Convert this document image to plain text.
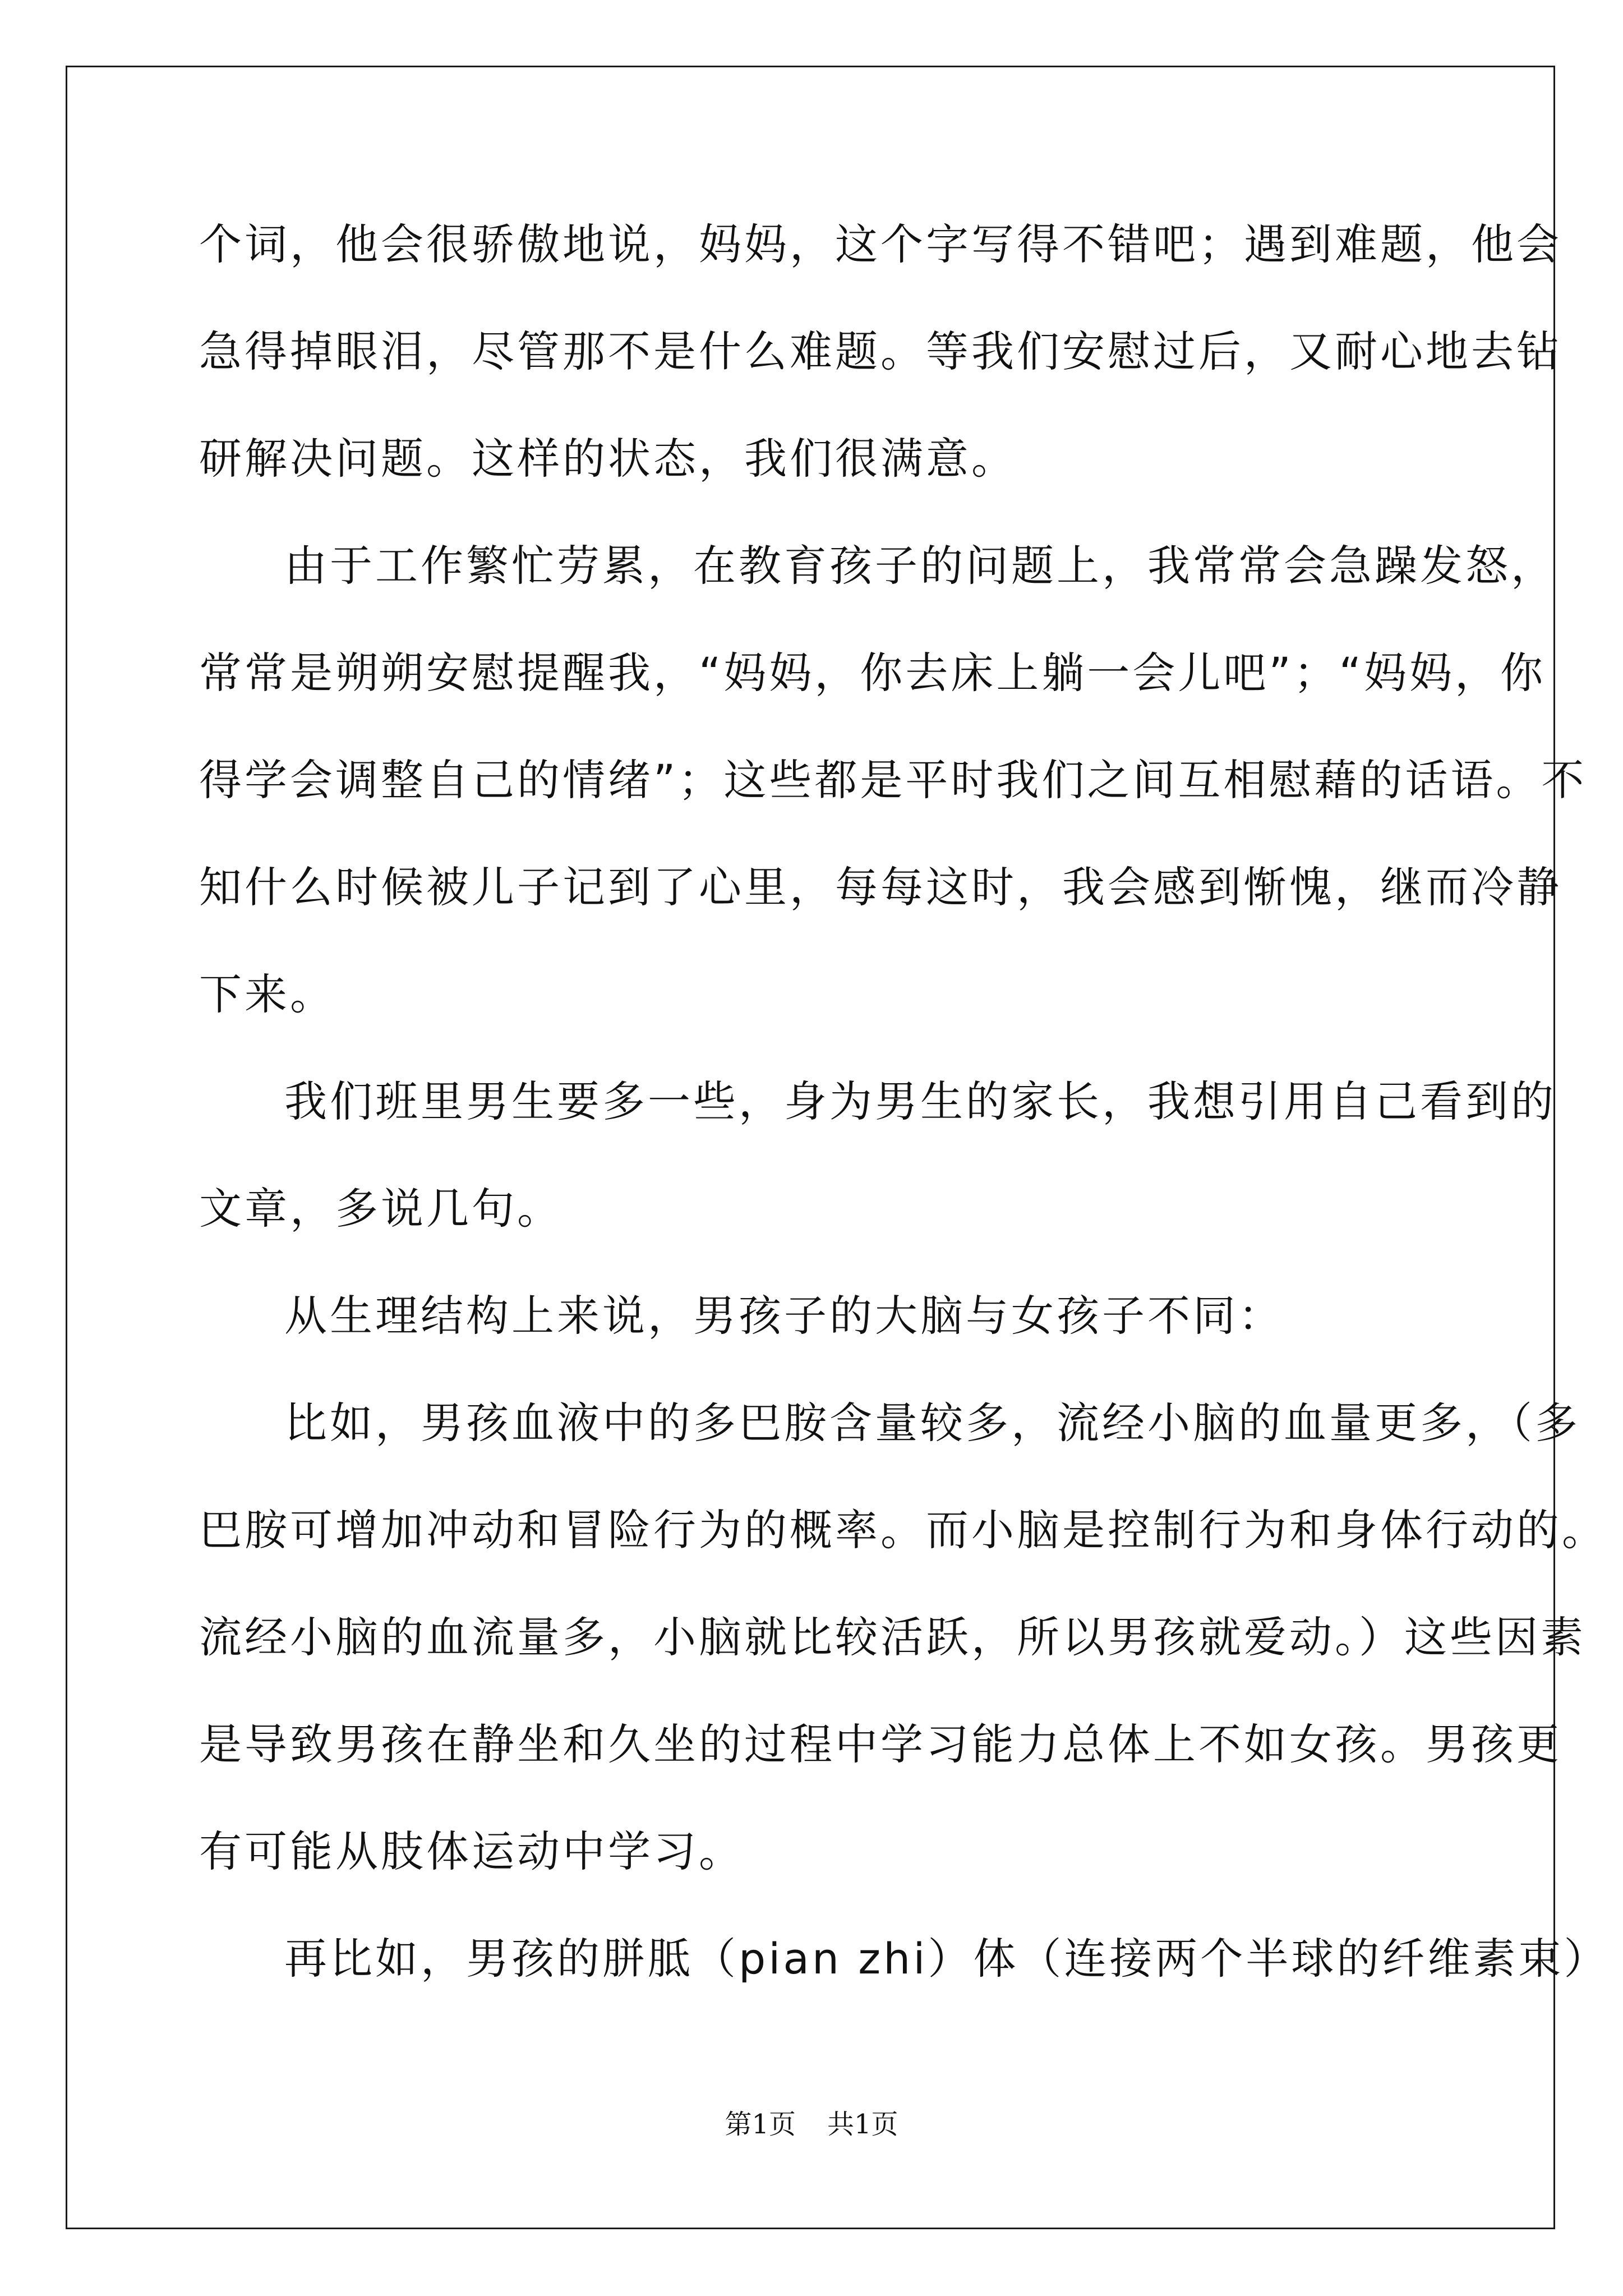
个词，他会很骄傲地说，妈妈，这个字写得不错吧；遇到难题，他会
急得掉眼泪，尽管那不是什么难题。等我们安慰过后，又耐心地去钻
研解决问题。这样的状态，我们很满意。
由于工作繁忙劳累，在教育孩子的问题上，我常常会急躁发怒，
常常是朔朔安慰提醒我，“妈妈，你去床上躺一会儿吧”；“妈妈，你
得学会调整自己的情绪”；这些都是平时我们之间互相慰藉的话语。不
知什么时候被儿子记到了心里，每每这时，我会感到惭愧，继而冷静
下来。
我们班里男生要多一些，身为男生的家长，我想引用自己看到的
文章，多说几句。
从生理结构上来说，男孩子的大脑与女孩子不同：
比如，男孩血液中的多巴胺含量较多，流经小脑的血量更多，（多
巴胺可增加冲动和冒险行为的概率。而小脑是控制行为和身体行动的。
流经小脑的血流量多，小脑就比较活跃，所以男孩就爱动。）这些因素
是导致男孩在静坐和久坐的过程中学习能力总体上不如女孩。男孩更
有可能从肢体运动中学习。
再比如，男孩的胼胝（pian zhi）体（连接两个半球的纤维素束）
第1页 共1页
